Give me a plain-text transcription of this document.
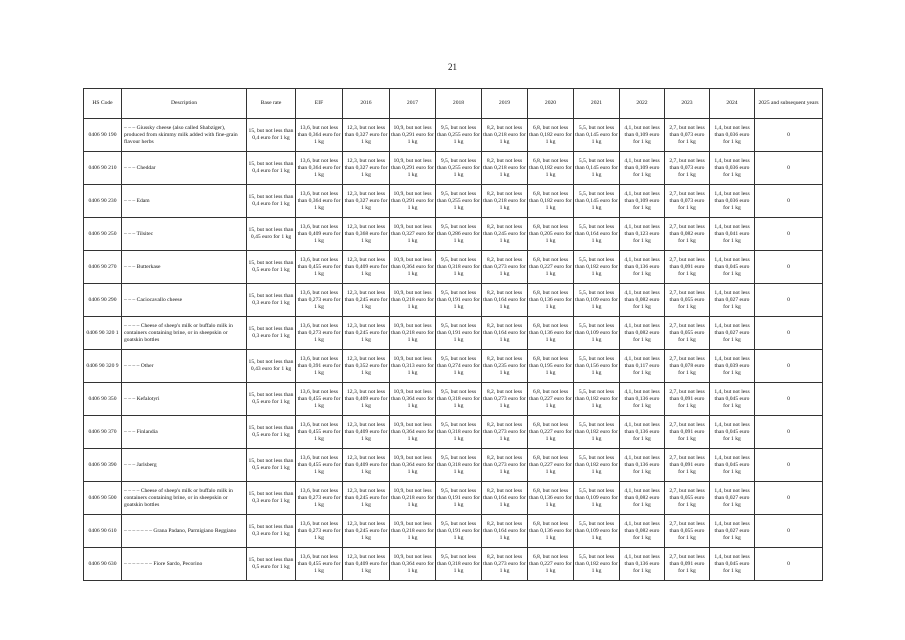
21
HS Code	Description	Base rate	EIF	2016	2017	2018	2019	2020	2021	2022	2023	2024	2025 and subsequent years
0406 90 190	– – – Giussky cheese (also called Shabziger), produced from skimmy milk added with fine-grain flavour herbs	15, but not less than 0,4 euro for 1 kg	13,6, but not less than 0,364 euro for 1 kg	12,3, but not less than 0,327 euro for 1 kg	10,9, but not less than 0,291 euro for 1 kg	9,5, but not less than 0,255 euro for 1 kg	8,2, but not less than 0,218 euro for 1 kg	6,8, but not less than 0,182 euro for 1 kg	5,5, but not less than 0,145 euro for 1 kg	4,1, but not less than 0,109 euro for 1 kg	2,7, but not less than 0,073 euro for 1 kg	1,4, but not less than 0,036 euro for 1 kg	0
0406 90 210	– – – Cheddar	15, but not less than 0,4 euro for 1 kg	13,6, but not less than 0,364 euro for 1 kg	12,3, but not less than 0,327 euro for 1 kg	10,9, but not less than 0,291 euro for 1 kg	9,5, but not less than 0,255 euro for 1 kg	8,2, but not less than 0,218 euro for 1 kg	6,8, but not less than 0,182 euro for 1 kg	5,5, but not less than 0,145 euro for 1 kg	4,1, but not less than 0,109 euro for 1 kg	2,7, but not less than 0,073 euro for 1 kg	1,4, but not less than 0,036 euro for 1 kg	0
0406 90 230	– – – Edam	15, but not less than 0,4 euro for 1 kg	13,6, but not less than 0,364 euro for 1 kg	12,3, but not less than 0,327 euro for 1 kg	10,9, but not less than 0,291 euro for 1 kg	9,5, but not less than 0,255 euro for 1 kg	8,2, but not less than 0,218 euro for 1 kg	6,8, but not less than 0,182 euro for 1 kg	5,5, but not less than 0,145 euro for 1 kg	4,1, but not less than 0,109 euro for 1 kg	2,7, but not less than 0,073 euro for 1 kg	1,4, but not less than 0,036 euro for 1 kg	0
0406 90 250	– – – Tilsitec	15, but not less than 0,45 euro for 1 kg	13,6, but not less than 0,409 euro for 1 kg	12,3, but not less than 0,368 euro for 1 kg	10,9, but not less than 0,327 euro for 1 kg	9,5, but not less than 0,286 euro for 1 kg	8,2, but not less than 0,245 euro for 1 kg	6,8, but not less than 0,205 euro for 1 kg	5,5, but not less than 0,164 euro for 1 kg	4,1, but not less than 0,123 euro for 1 kg	2,7, but not less than 0,082 euro for 1 kg	1,4, but not less than 0,041 euro for 1 kg	0
0406 90 270	– – – Butterkase	15, but not less than 0,5 euro for 1 kg	13,6, but not less than 0,455 euro for 1 kg	12,3, but not less than 0,409 euro for 1 kg	10,9, but not less than 0,364 euro for 1 kg	9,5, but not less than 0,318 euro for 1 kg	8,2, but not less than 0,273 euro for 1 kg	6,8, but not less than 0,227 euro for 1 kg	5,5, but not less than 0,182 euro for 1 kg	4,1, but not less than 0,136 euro for 1 kg	2,7, but not less than 0,091 euro for 1 kg	1,4, but not less than 0,045 euro for 1 kg	0
0406 90 290	– – – Caciocavallo cheese	15, but not less than 0,3 euro for 1 kg	13,6, but not less than 0,273 euro for 1 kg	12,3, but not less than 0,245 euro for 1 kg	10,9, but not less than 0,218 euro for 1 kg	9,5, but not less than 0,191 euro for 1 kg	8,2, but not less than 0,164 euro for 1 kg	6,8, but not less than 0,136 euro for 1 kg	5,5, but not less than 0,109 euro for 1 kg	4,1, but not less than 0,082 euro for 1 kg	2,7, but not less than 0,055 euro for 1 kg	1,4, but not less than 0,027 euro for 1 kg	0
0406 90 320 1	– – – – Cheese of sheep's milk or buffalo milk in containers containing brine, or in sheepskin or goatskin bottles	15, but not less than 0,3 euro for 1 kg	13,6, but not less than 0,273 euro for 1 kg	12,3, but not less than 0,245 euro for 1 kg	10,9, but not less than 0,218 euro for 1 kg	9,5, but not less than 0,191 euro for 1 kg	8,2, but not less than 0,164 euro for 1 kg	6,8, but not less than 0,136 euro for 1 kg	5,5, but not less than 0,109 euro for 1 kg	4,1, but not less than 0,082 euro for 1 kg	2,7, but not less than 0,055 euro for 1 kg	1,4, but not less than 0,027 euro for 1 kg	0
0406 90 320 9	– – – – Other	15, but not less than 0,43 euro for 1 kg	13,6, but not less than 0,391 euro for 1 kg	12,3, but not less than 0,352 euro for 1 kg	10,9, but not less than 0,313 euro for 1 kg	9,5, but not less than 0,274 euro for 1 kg	8,2, but not less than 0,235 euro for 1 kg	6,8, but not less than 0,195 euro for 1 kg	5,5, but not less than 0,156 euro for 1 kg	4,1, but not less than 0,117 euro for 1 kg	2,7, but not less than 0,078 euro for 1 kg	1,4, but not less than 0,039 euro for 1 kg	0
0406 90 350	– – – Kefalotyri	15, but not less than 0,5 euro for 1 kg	13,6, but not less than 0,455 euro for 1 kg	12,3, but not less than 0,409 euro for 1 kg	10,9, but not less than 0,364 euro for 1 kg	9,5, but not less than 0,318 euro for 1 kg	8,2, but not less than 0,273 euro for 1 kg	6,8, but not less than 0,227 euro for 1 kg	5,5, but not less than 0,182 euro for 1 kg	4,1, but not less than 0,136 euro for 1 kg	2,7, but not less than 0,091 euro for 1 kg	1,4, but not less than 0,045 euro for 1 kg	0
0406 90 370	– – – Finlandia	15, but not less than 0,5 euro for 1 kg	13,6, but not less than 0,455 euro for 1 kg	12,3, but not less than 0,409 euro for 1 kg	10,9, but not less than 0,364 euro for 1 kg	9,5, but not less than 0,318 euro for 1 kg	8,2, but not less than 0,273 euro for 1 kg	6,8, but not less than 0,227 euro for 1 kg	5,5, but not less than 0,182 euro for 1 kg	4,1, but not less than 0,136 euro for 1 kg	2,7, but not less than 0,091 euro for 1 kg	1,4, but not less than 0,045 euro for 1 kg	0
0406 90 390	– – – Jarlsberg	15, but not less than 0,5 euro for 1 kg	13,6, but not less than 0,455 euro for 1 kg	12,3, but not less than 0,409 euro for 1 kg	10,9, but not less than 0,364 euro for 1 kg	9,5, but not less than 0,318 euro for 1 kg	8,2, but not less than 0,273 euro for 1 kg	6,8, but not less than 0,227 euro for 1 kg	5,5, but not less than 0,182 euro for 1 kg	4,1, but not less than 0,136 euro for 1 kg	2,7, but not less than 0,091 euro for 1 kg	1,4, but not less than 0,045 euro for 1 kg	0
0406 90 500	– – – – Cheese of sheep's milk or buffalo milk in containers containing brine, or in sheepskin or goatskin bottles	15, but not less than 0,3 euro for 1 kg	13,6, but not less than 0,273 euro for 1 kg	12,3, but not less than 0,245 euro for 1 kg	10,9, but not less than 0,218 euro for 1 kg	9,5, but not less than 0,191 euro for 1 kg	8,2, but not less than 0,164 euro for 1 kg	6,8, but not less than 0,136 euro for 1 kg	5,5, but not less than 0,109 euro for 1 kg	4,1, but not less than 0,082 euro for 1 kg	2,7, but not less than 0,055 euro for 1 kg	1,4, but not less than 0,027 euro for 1 kg	0
0406 90 610	– – – – – – – Grana Padano, Parmigiano Reggiano	15, but not less than 0,3 euro for 1 kg	13,6, but not less than 0,273 euro for 1 kg	12,3, but not less than 0,245 euro for 1 kg	10,9, but not less than 0,218 euro for 1 kg	9,5, but not less than 0,191 euro for 1 kg	8,2, but not less than 0,164 euro for 1 kg	6,8, but not less than 0,136 euro for 1 kg	5,5, but not less than 0,109 euro for 1 kg	4,1, but not less than 0,082 euro for 1 kg	2,7, but not less than 0,055 euro for 1 kg	1,4, but not less than 0,027 euro for 1 kg	0
0406 90 630	– – – – – – – Fiore Sardo, Pecorino	15, but not less than 0,5 euro for 1 kg	13,6, but not less than 0,455 euro for 1 kg	12,3, but not less than 0,409 euro for 1 kg	10,9, but not less than 0,364 euro for 1 kg	9,5, but not less than 0,318 euro for 1 kg	8,2, but not less than 0,273 euro for 1 kg	6,8, but not less than 0,227 euro for 1 kg	5,5, but not less than 0,182 euro for 1 kg	4,1, but not less than 0,136 euro for 1 kg	2,7, but not less than 0,091 euro for 1 kg	1,4, but not less than 0,045 euro for 1 kg	0
